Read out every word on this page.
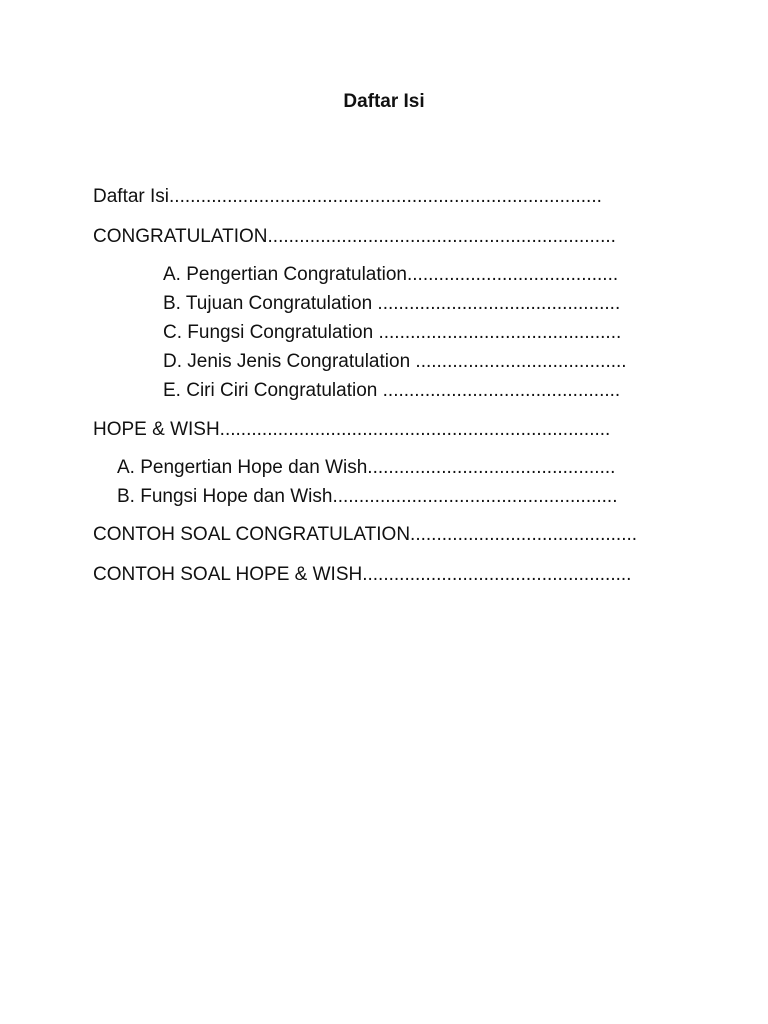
Daftar Isi
Daftar Isi..................................................................................
CONGRATULATION..................................................................
A. Pengertian Congratulation........................................
B. Tujuan Congratulation ..............................................
C. Fungsi Congratulation ..............................................
D. Jenis Jenis Congratulation ........................................
E. Ciri Ciri Congratulation .............................................
HOPE & WISH..........................................................................
A. Pengertian Hope dan Wish...............................................
B. Fungsi Hope dan Wish......................................................
CONTOH SOAL CONGRATULATION...........................................
CONTOH SOAL HOPE & WISH...................................................
